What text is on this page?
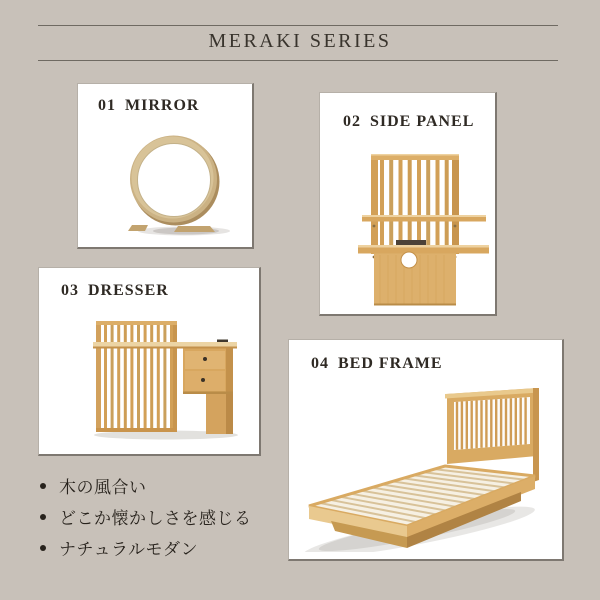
MERAKI SERIES
01 MIRROR
02 SIDE PANEL
03 DRESSER
04 BED FRAME
木の風合い
どこか懐かしさを感じる
ナチュラルモダン
